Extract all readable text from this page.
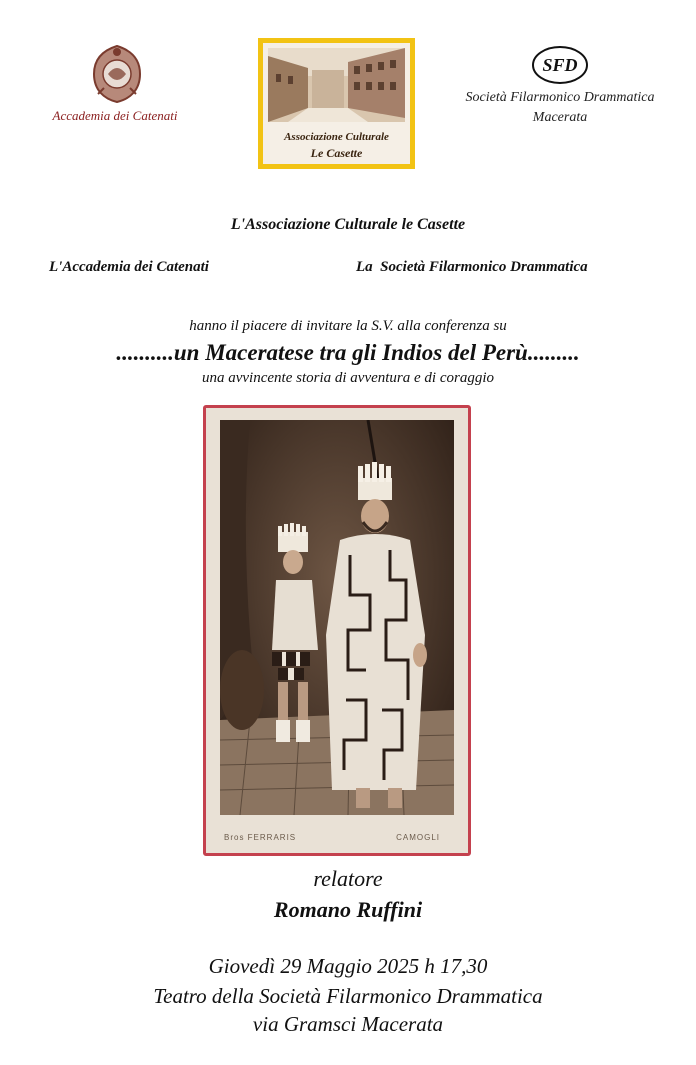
Accademia dei Catenati
Associazione Culturale
Le Casette
SFD
Società Filarmonico Drammatica
Macerata
L'Associazione Culturale le Casette
L'Accademia dei Catenati	La  Società Filarmonico Drammatica
hanno il piacere di invitare la S.V. alla conferenza su
..........un Maceratese tra gli Indios del Perù.........
una avvincente storia di avventura e di coraggio
Bros FERRARIS	CAMOGLI
relatore
Romano Ruffini
Giovedì 29 Maggio 2025 h 17,30
Teatro della Società Filarmonico Drammatica
via Gramsci Macerata
